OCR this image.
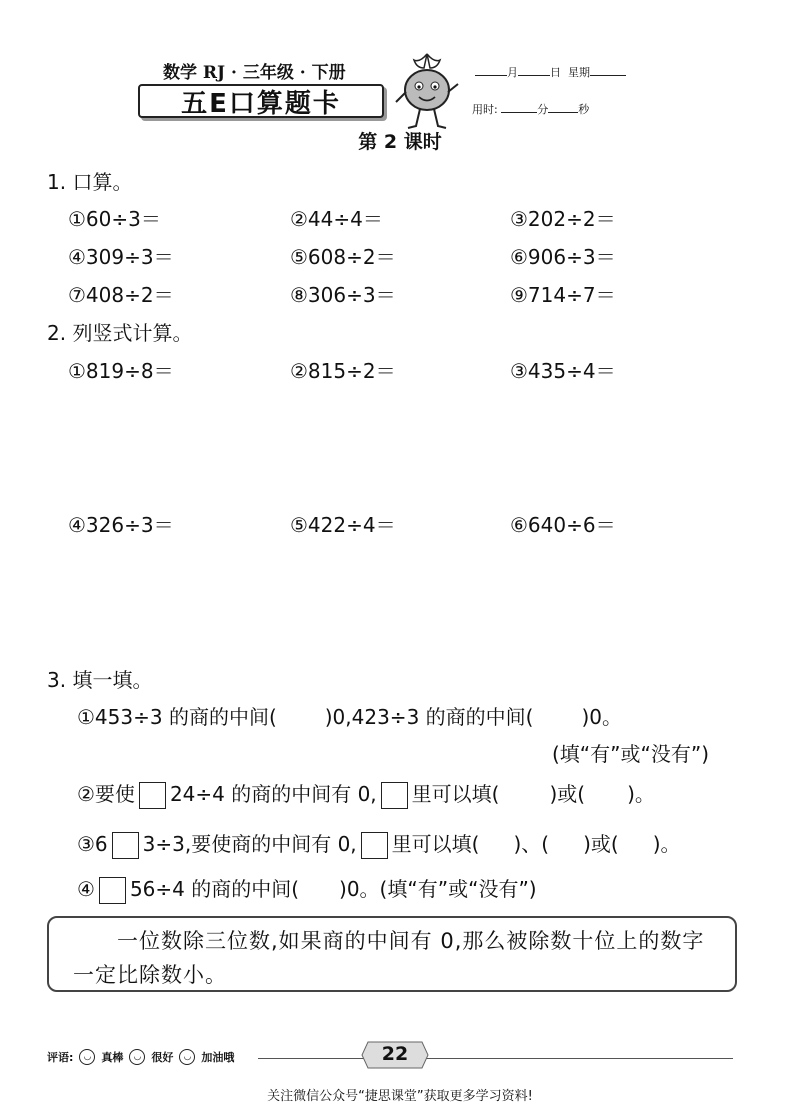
数学 RJ · 三年级 · 下册
五E口算题卡
月	日 星期
用时:	分	秒
第 2 课时
1. 口算。
①60÷3＝	②44÷4＝	③202÷2＝
④309÷3＝	⑤608÷2＝	⑥906÷3＝
⑦408÷2＝	⑧306÷3＝	⑨714÷7＝
2. 列竖式计算。
①819÷8＝	②815÷2＝	③435÷4＝
④326÷3＝	⑤422÷4＝	⑥640÷6＝
3. 填一填。
①453÷3 的商的中间( )0,423÷3 的商的中间( )0。
(填“有”或“没有”)
②要使 24÷4 的商的中间有 0, 里可以填(	)或( )。
③6 3÷3,要使商的中间有 0, 里可以填( )、( )或( )。
④ 56÷4 的商的中间( )0。(填“有”或“没有”)
一位数除三位数,如果商的中间有 0,那么被除数十位上的数字一定比除数小。
评语:	◡ 真棒	◡ 很好	◡ 加油哦	22
关注微信公众号“捷思课堂”获取更多学习资料!
